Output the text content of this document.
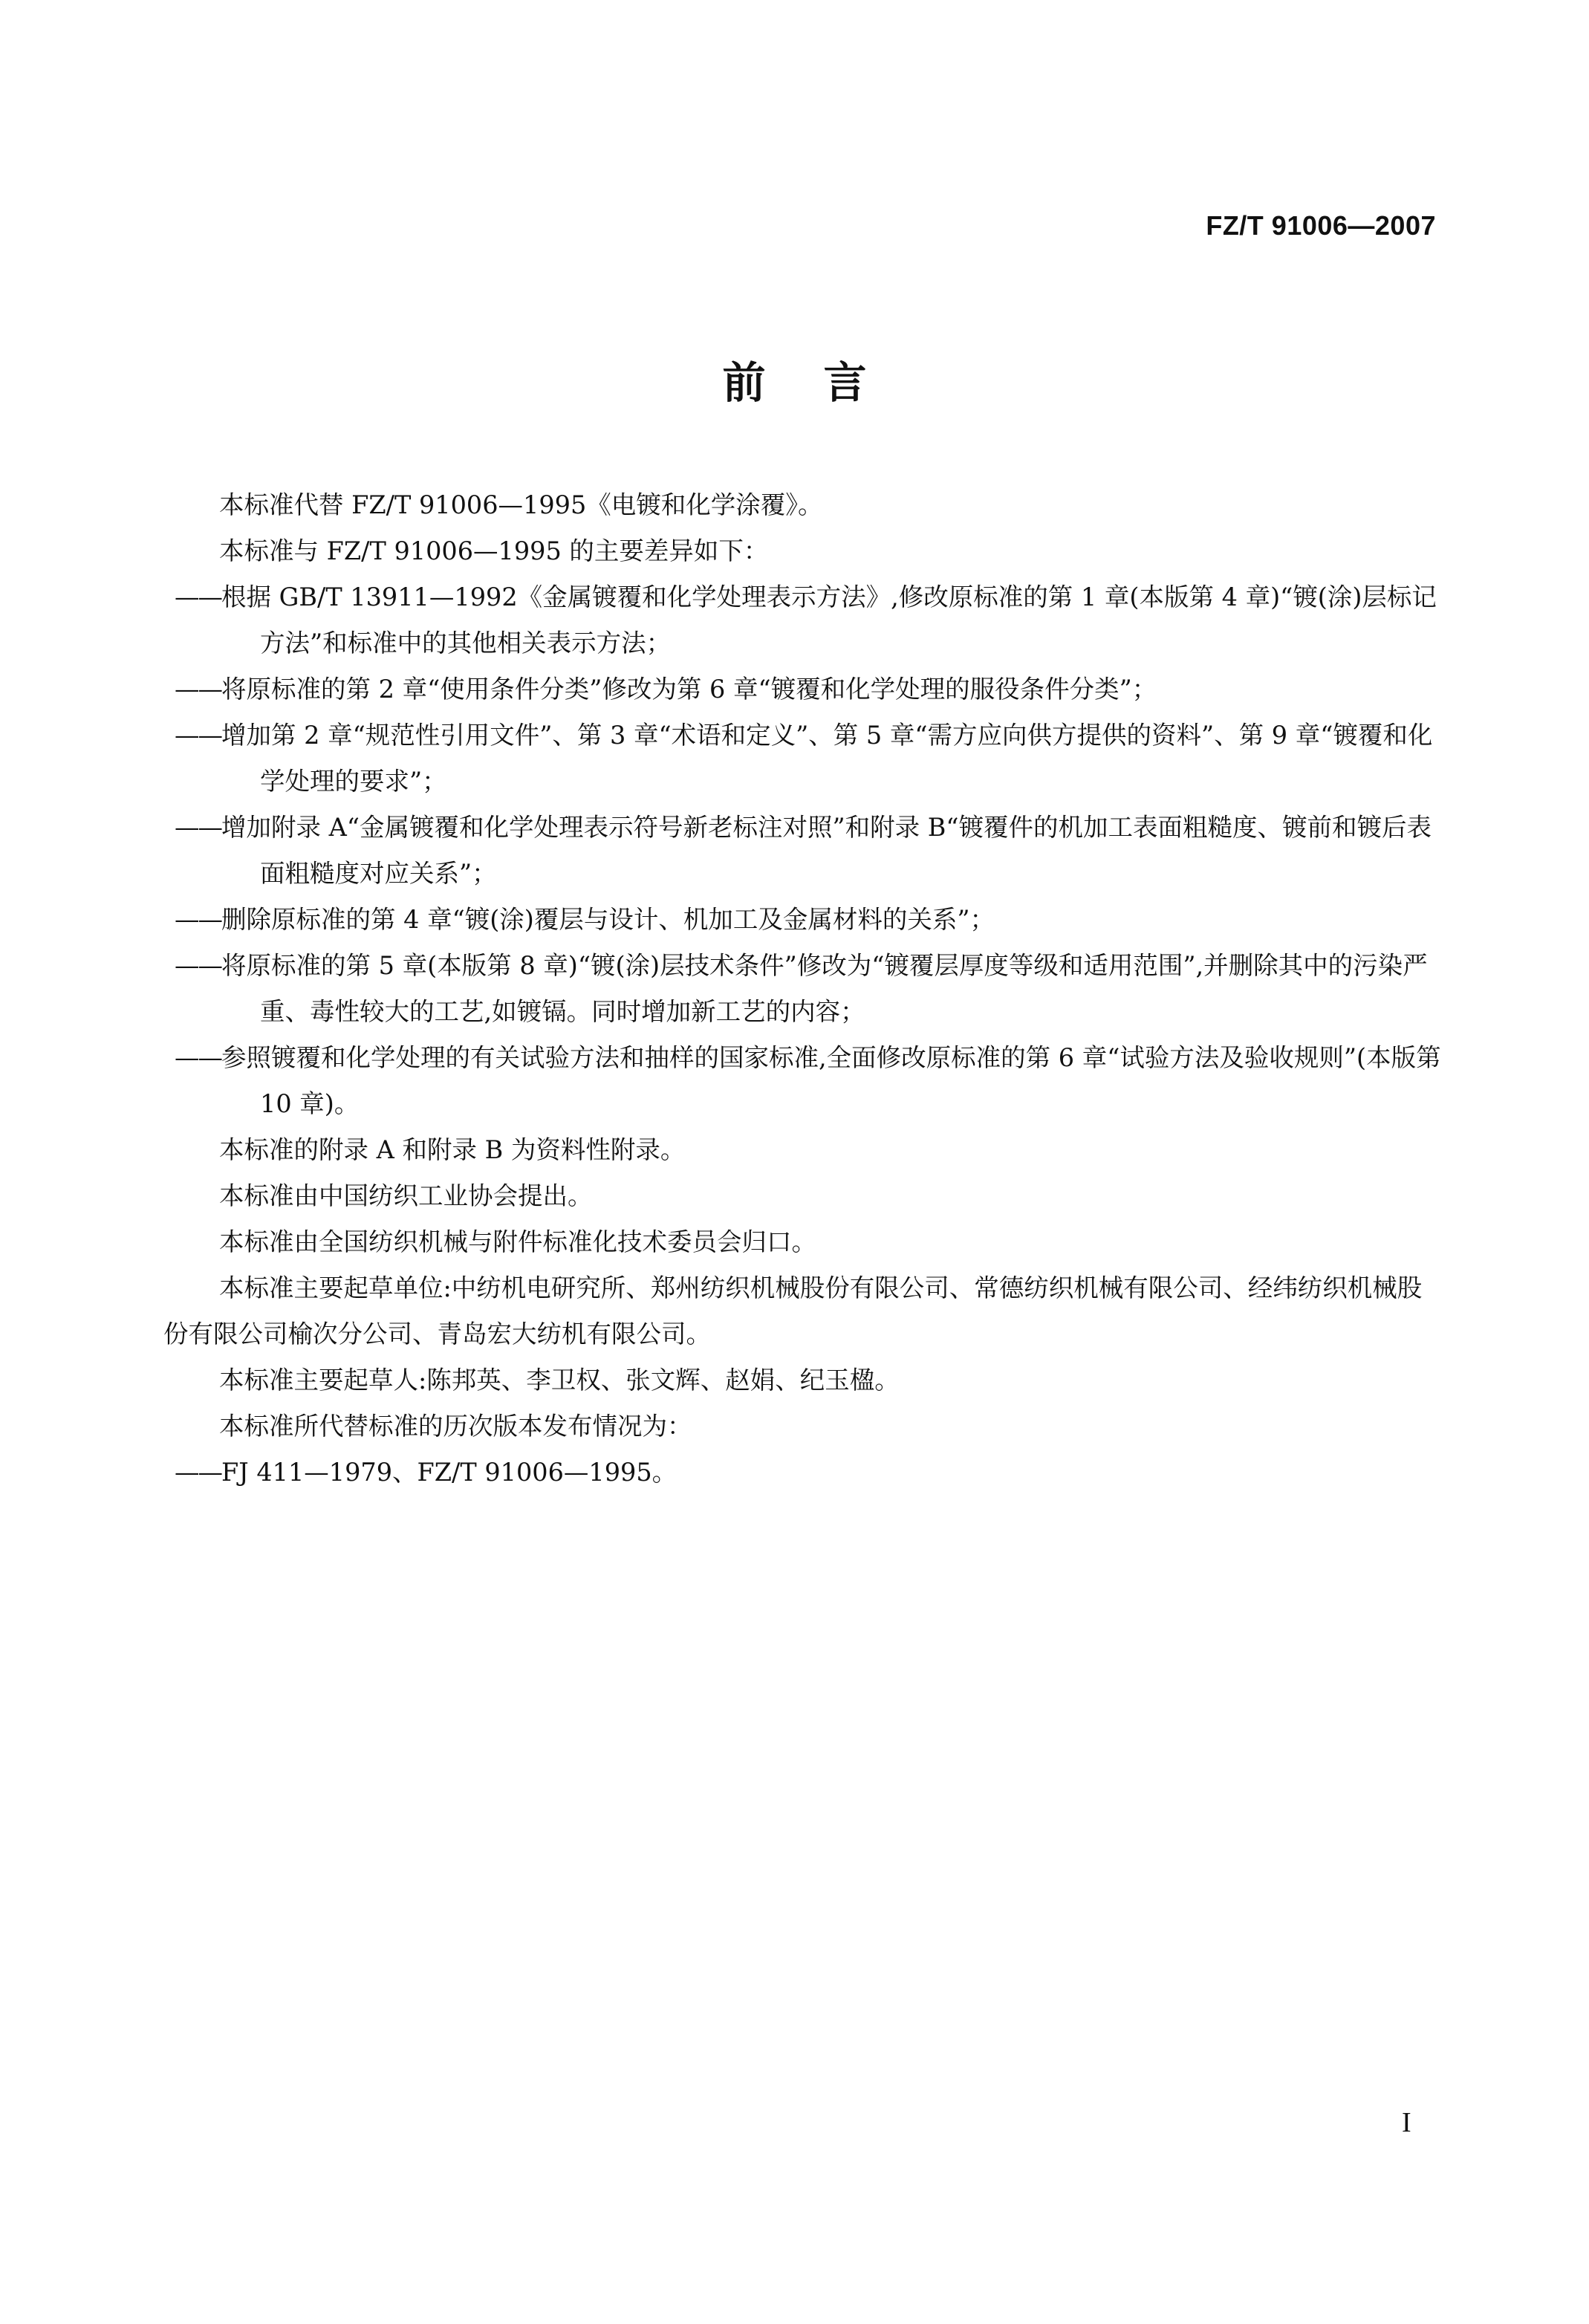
FZ/T 91006—2007
前言

本标准代替 FZ/T 91006—1995《电镀和化学涂覆》。

本标准与 FZ/T 91006—1995 的主要差异如下：

——根据 GB/T 13911—1992《金属镀覆和化学处理表示方法》,修改原标准的第 1 章(本版第 4 章)“镀(涂)层标记方法”和标准中的其他相关表示方法；

——将原标准的第 2 章“使用条件分类”修改为第 6 章“镀覆和化学处理的服役条件分类”；

——增加第 2 章“规范性引用文件”、第 3 章“术语和定义”、第 5 章“需方应向供方提供的资料”、第 9 章“镀覆和化学处理的要求”；

——增加附录 A“金属镀覆和化学处理表示符号新老标注对照”和附录 B“镀覆件的机加工表面粗糙度、镀前和镀后表面粗糙度对应关系”；

——删除原标准的第 4 章“镀(涂)覆层与设计、机加工及金属材料的关系”；

——将原标准的第 5 章(本版第 8 章)“镀(涂)层技术条件”修改为“镀覆层厚度等级和适用范围”,并删除其中的污染严重、毒性较大的工艺,如镀镉。同时增加新工艺的内容；

——参照镀覆和化学处理的有关试验方法和抽样的国家标准,全面修改原标准的第 6 章“试验方法及验收规则”(本版第 10 章)。

本标准的附录 A 和附录 B 为资料性附录。

本标准由中国纺织工业协会提出。

本标准由全国纺织机械与附件标准化技术委员会归口。

本标准主要起草单位:中纺机电研究所、郑州纺织机械股份有限公司、常德纺织机械有限公司、经纬纺织机械股份有限公司榆次分公司、青岛宏大纺机有限公司。

本标准主要起草人:陈邦英、李卫权、张文辉、赵娟、纪玉楹。

本标准所代替标准的历次版本发布情况为：

——FJ 411—1979、FZ/T 91006—1995。

I
